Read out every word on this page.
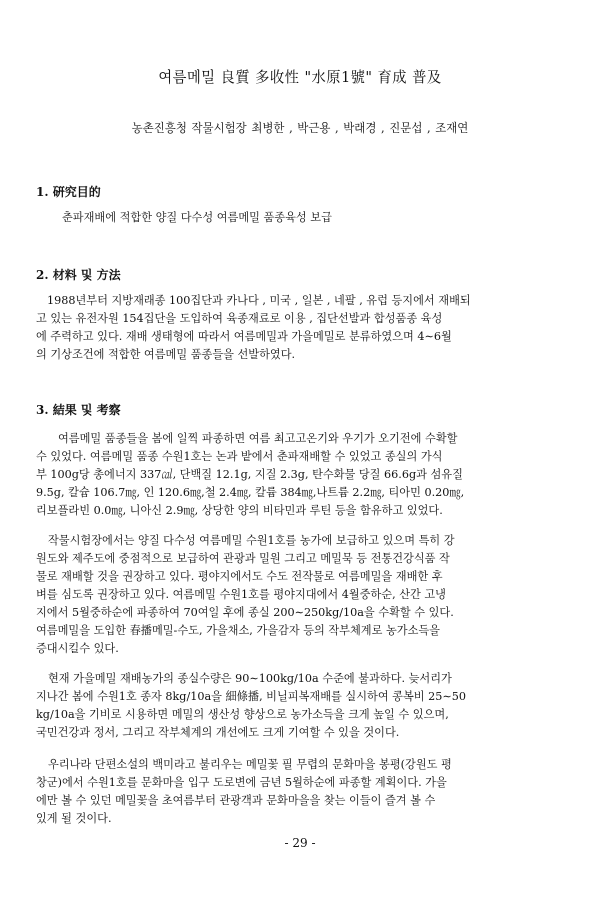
여름메밀 良質 多收性 "水原1號" 育成 普及
농촌진흥청 작물시험장 최병한 , 박근용 , 박래경 , 진문섭 , 조재연
1. 硏究目的
춘파재배에 적합한 양질 다수성 여름메밀 품종육성 보급
2. 材料 및 方法
1988년부터 지방재래종 100집단과 카나다 , 미국 , 일본 , 네팔 , 유럽 등지에서 재배되
고 있는 유전자원 154집단을 도입하여 육종재료로 이용 , 집단선발과 합성품종 육성
에 주력하고 있다. 재배 생태형에 따라서 여름메밀과 가을메밀로 분류하였으며 4∼6월
의 기상조건에 적합한 여름메밀 품종들을 선발하였다.
3. 結果 및 考察
여름메밀 품종들을 봄에 일찍 파종하면 여름 최고고온기와 우기가 오기전에 수확할
수 있었다. 여름메밀 품종 수원1호는 논과 밭에서 춘파재배할 수 있었고 종실의 가식
부 100g당 총에너지 337㎈, 단백질 12.1g, 지질 2.3g, 탄수화물 당질 66.6g과 섬유질
9.5g, 칼슘 106.7㎎, 인 120.6㎎,철 2.4㎎, 칼륨 384㎎,나트륨 2.2㎎, 티아민 0.20㎎,
리보플라빈 0.0㎎, 니아신 2.9㎎, 상당한 양의 비타민과 루틴 등을 함유하고 있었다.
작물시험장에서는 양질 다수성 여름메밀 수원1호를 농가에 보급하고 있으며 특히 강
원도와 제주도에 중점적으로 보급하여 관광과 밀원 그리고 메밀묵 등 전통건강식품 작
물로 재배할 것을 권장하고 있다. 평야지에서도 수도 전작물로 여름메밀을 재배한 후
벼를 심도록 권장하고 있다. 여름메밀 수원1호를 평야지대에서 4월중하순, 산간 고냉
지에서 5월중하순에 파종하여 70여일 후에 종실 200∼250kg/10a을 수확할 수 있다.
여름메밀을 도입한 春播메밀-수도, 가을채소, 가을감자 등의 작부체계로 농가소득을
증대시킬수 있다.
현재 가을메밀 재배농가의 종실수량은 90∼100kg/10a 수준에 불과하다. 늦서리가
지나간 봄에 수원1호 종자 8kg/10a을 細條播, 비닐피복재배를 실시하여 콩복비 25∼50
kg/10a을 기비로 시용하면 메밀의 생산성 향상으로 농가소득을 크게 높일 수 있으며,
국민건강과 정서, 그리고 작부체계의 개선에도 크게 기여할 수 있을 것이다.
우리나라 단편소설의 백미라고 불리우는 메밀꽃 필 무렵의 문화마을 봉평(강원도 평
창군)에서 수원1호를 문화마을 입구 도로변에 금년 5월하순에 파종할 계획이다. 가을
에만 볼 수 있던 메밀꽃을 초여름부터 관광객과 문화마을을 찾는 이들이 즐겨 볼 수
있게 될 것이다.
- 29 -
